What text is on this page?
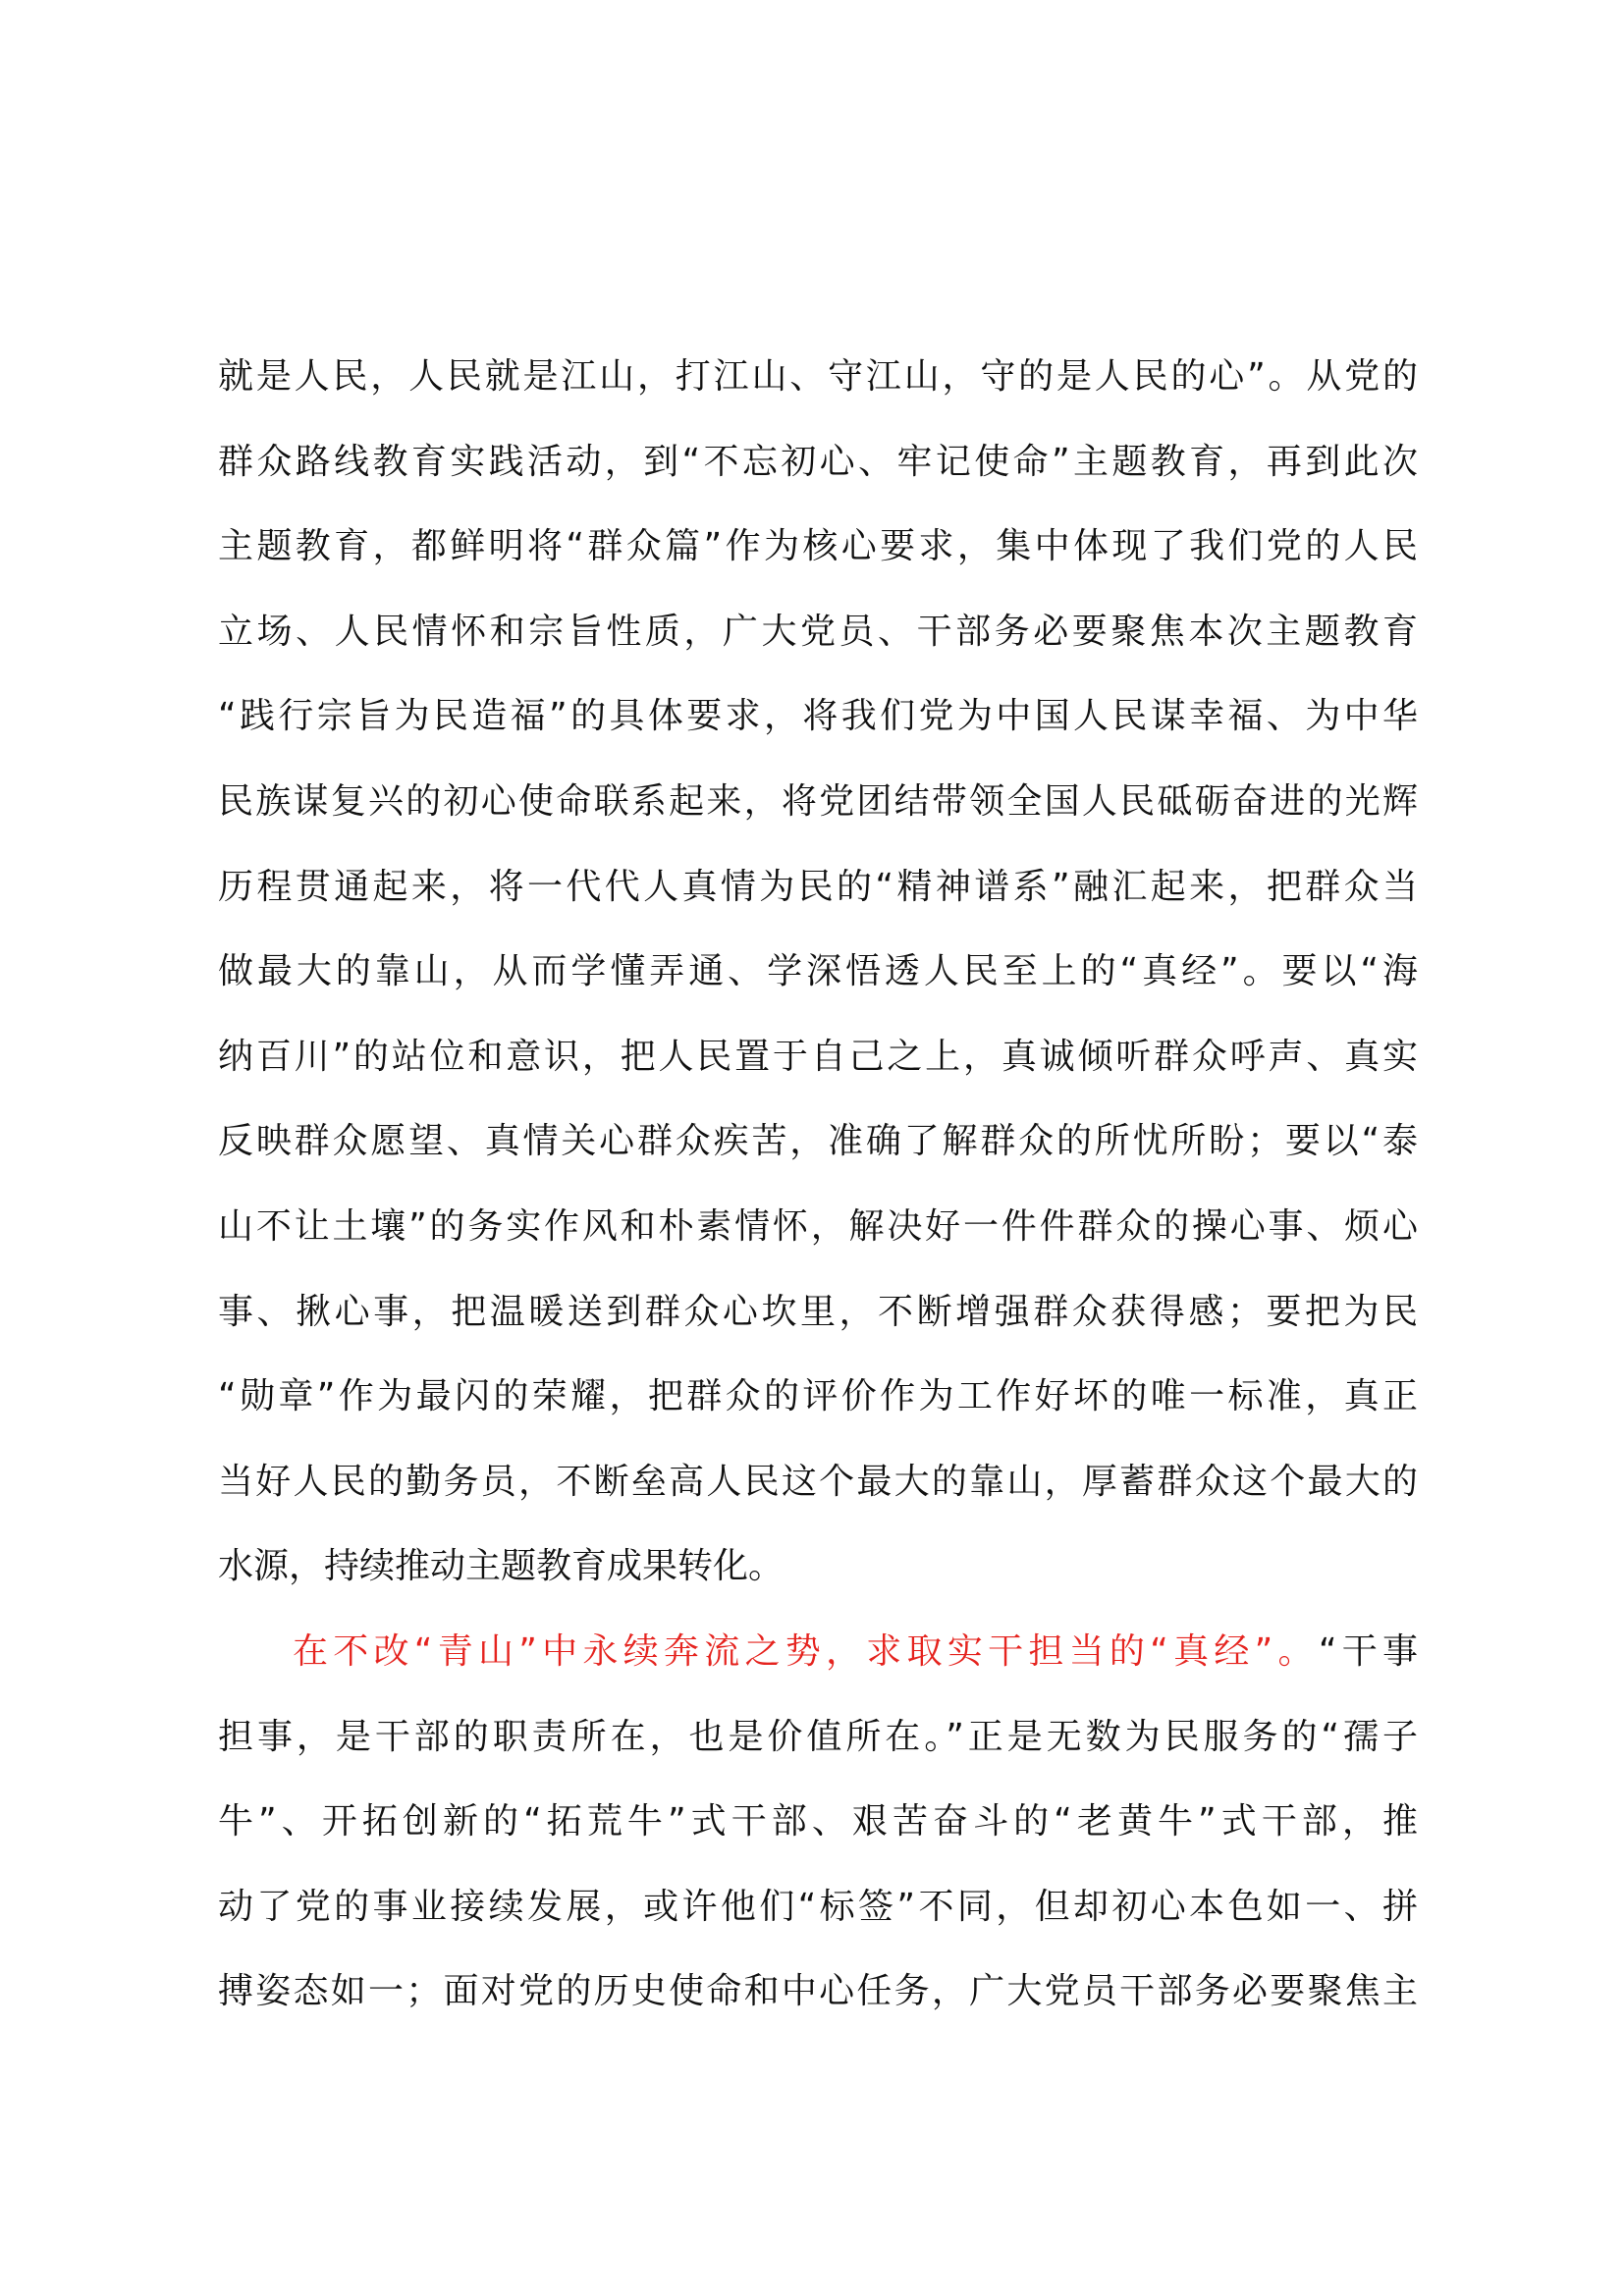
就是人民，人民就是江山，打江山、守江山，守的是人民的心”。从党的
群众路线教育实践活动，到“不忘初心、牢记使命”主题教育，再到此次
主题教育，都鲜明将“群众篇”作为核心要求，集中体现了我们党的人民
立场、人民情怀和宗旨性质，广大党员、干部务必要聚焦本次主题教育
“践行宗旨为民造福”的具体要求，将我们党为中国人民谋幸福、为中华
民族谋复兴的初心使命联系起来，将党团结带领全国人民砥砺奋进的光辉
历程贯通起来，将一代代人真情为民的“精神谱系”融汇起来，把群众当
做最大的靠山，从而学懂弄通、学深悟透人民至上的“真经”。要以“海
纳百川”的站位和意识，把人民置于自己之上，真诚倾听群众呼声、真实
反映群众愿望、真情关心群众疾苦，准确了解群众的所忧所盼；要以“泰
山不让土壤”的务实作风和朴素情怀，解决好一件件群众的操心事、烦心
事、揪心事，把温暖送到群众心坎里，不断增强群众获得感；要把为民
“勋章”作为最闪的荣耀，把群众的评价作为工作好坏的唯一标准，真正
当好人民的勤务员，不断垒高人民这个最大的靠山，厚蓄群众这个最大的
水源，持续推动主题教育成果转化。
在不改“青山”中永续奔流之势，求取实干担当的“真经”。“干事
担事，是干部的职责所在，也是价值所在。”正是无数为民服务的“孺子
牛”、开拓创新的“拓荒牛”式干部、艰苦奋斗的“老黄牛”式干部，推
动了党的事业接续发展，或许他们“标签”不同，但却初心本色如一、拼
搏姿态如一；面对党的历史使命和中心任务，广大党员干部务必要聚焦主
